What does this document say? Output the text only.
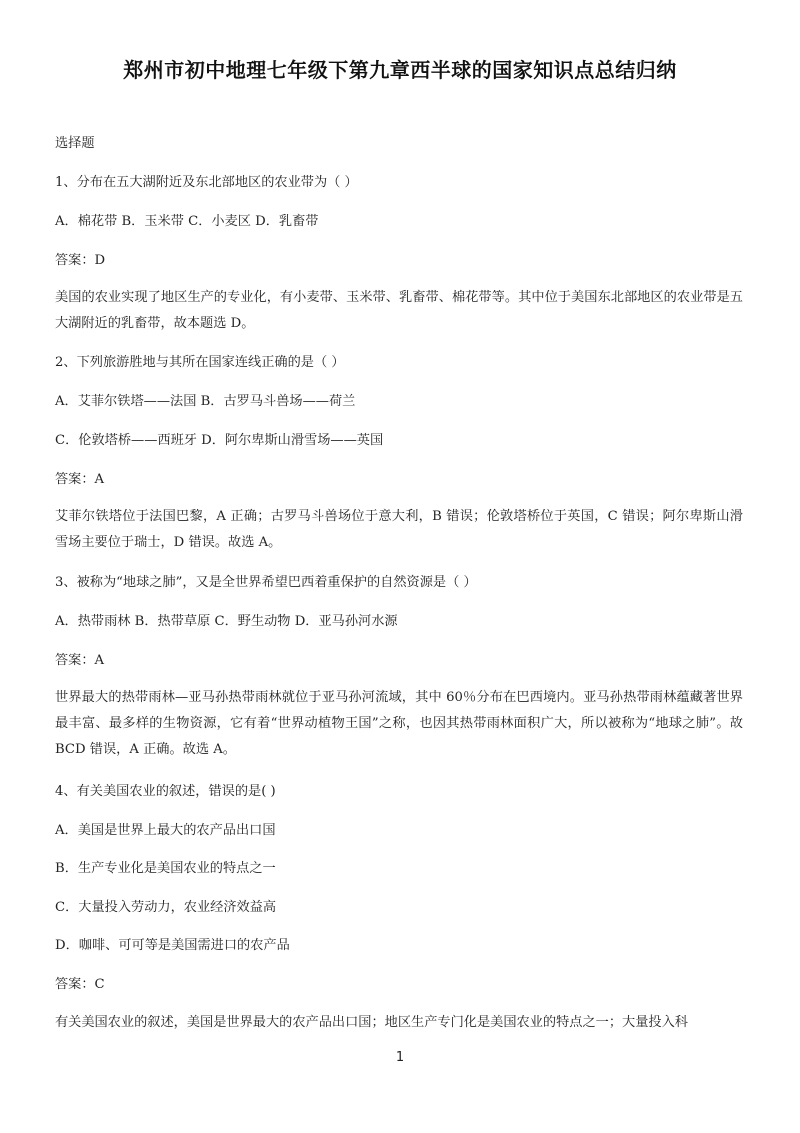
郑州市初中地理七年级下第九章西半球的国家知识点总结归纳
选择题
1、分布在五大湖附近及东北部地区的农业带为（ ）
A．棉花带 B．玉米带 C．小麦区 D．乳畜带
答案：D
美国的农业实现了地区生产的专业化，有小麦带、玉米带、乳畜带、棉花带等。其中位于美国东北部地区的农业带是五大湖附近的乳畜带，故本题选 D。
2、下列旅游胜地与其所在国家连线正确的是（ ）
A．艾菲尔铁塔——法国 B．古罗马斗兽场——荷兰
C．伦敦塔桥——西班牙 D．阿尔卑斯山滑雪场——英国
答案：A
艾菲尔铁塔位于法国巴黎，A 正确；古罗马斗兽场位于意大利，B 错误；伦敦塔桥位于英国，C 错误；阿尔卑斯山滑雪场主要位于瑞士，D 错误。故选 A。
3、被称为“地球之肺”，又是全世界希望巴西着重保护的自然资源是（ ）
A．热带雨林 B．热带草原 C．野生动物 D．亚马孙河水源
答案：A
世界最大的热带雨林—亚马孙热带雨林就位于亚马孙河流域，其中 60％分布在巴西境内。亚马孙热带雨林蕴藏著世界最丰富、最多样的生物资源，它有着“世界动植物王国”之称，也因其热带雨林面积广大，所以被称为“地球之肺”。故 BCD 错误，A 正确。故选 A。
4、有关美国农业的叙述，错误的是( )
A．美国是世界上最大的农产品出口国
B．生产专业化是美国农业的特点之一
C．大量投入劳动力，农业经济效益高
D．咖啡、可可等是美国需进口的农产品
答案：C
有关美国农业的叙述，美国是世界最大的农产品出口国；地区生产专门化是美国农业的特点之一；大量投入科
1
